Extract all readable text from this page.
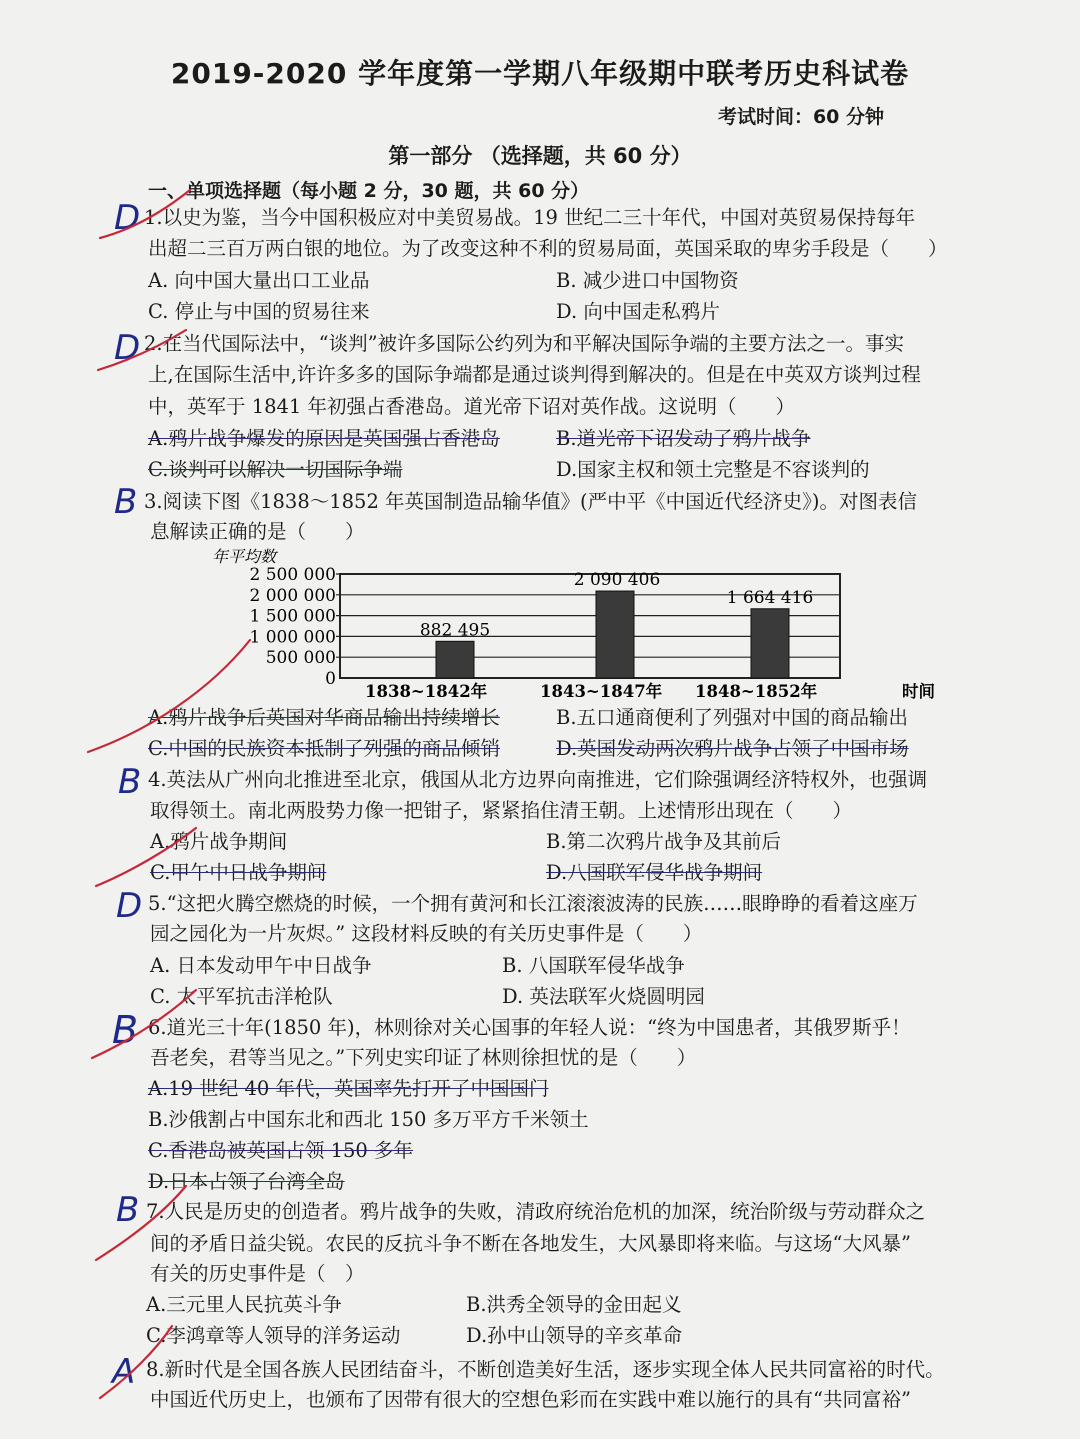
2019-2020 学年度第一学期八年级期中联考历史科试卷
考试时间：60 分钟
第一部分 （选择题，共 60 分）
一、单项选择题（每小题 2 分，30 题，共 60 分）
D 1.以史为鉴，当今中国积极应对中美贸易战。19 世纪二三十年代，中国对英贸易保持每年
出超二三百万两白银的地位。为了改变这种不利的贸易局面，英国采取的卑劣手段是（　　）
A. 向中国大量出口工业品	B. 减少进口中国物资
C. 停止与中国的贸易往来	D. 向中国走私鸦片
D 2.在当代国际法中，“谈判”被许多国际公约列为和平解决国际争端的主要方法之一。事实
上,在国际生活中,许许多多的国际争端都是通过谈判得到解决的。但是在中英双方谈判过程
中，英军于 1841 年初强占香港岛。道光帝下诏对英作战。这说明（　　）
A.鸦片战争爆发的原因是英国强占香港岛	B.道光帝下诏发动了鸦片战争
C.谈判可以解决一切国际争端	D.国家主权和领土完整是不容谈判的
B 3.阅读下图《1838～1852 年英国制造品输华值》(严中平《中国近代经济史》)。对图表信
息解读正确的是（　　）
年平均数
2 500 000
2 000 000
1 500 000
1 000 000
500 000
0
882 495
2 090 406
1 664 416
1838~1842年	1843~1847年 1848~1852年	时间
A.鸦片战争后英国对华商品输出持续增长	B.五口通商便利了列强对中国的商品输出
C.中国的民族资本抵制了列强的商品倾销	D.英国发动两次鸦片战争占领了中国市场
B 4.英法从广州向北推进至北京，俄国从北方边界向南推进，它们除强调经济特权外，也强调
取得领土。南北两股势力像一把钳子，紧紧掐住清王朝。上述情形出现在（　　）
A.鸦片战争期间	B.第二次鸦片战争及其前后
C.甲午中日战争期间	D.八国联军侵华战争期间
D 5.“这把火腾空燃烧的时候，一个拥有黄河和长江滚滚波涛的民族……眼睁睁的看着这座万
园之园化为一片灰烬。” 这段材料反映的有关历史事件是（　　）
A. 日本发动甲午中日战争	B. 八国联军侵华战争
C. 太平军抗击洋枪队	D. 英法联军火烧圆明园
B 6.道光三十年(1850 年)，林则徐对关心国事的年轻人说：“终为中国患者，其俄罗斯乎！
吾老矣，君等当见之。”下列史实印证了林则徐担忧的是（　　）
A.19 世纪 40 年代，英国率先打开了中国国门
B.沙俄割占中国东北和西北 150 多万平方千米领土
C.香港岛被英国占领 150 多年
D.日本占领了台湾全岛
B 7.人民是历史的创造者。鸦片战争的失败，清政府统治危机的加深，统治阶级与劳动群众之
间的矛盾日益尖锐。农民的反抗斗争不断在各地发生，大风暴即将来临。与这场“大风暴”
有关的历史事件是（　）
A.三元里人民抗英斗争	B.洪秀全领导的金田起义
C.李鸿章等人领导的洋务运动	D.孙中山领导的辛亥革命
A 8.新时代是全国各族人民团结奋斗，不断创造美好生活，逐步实现全体人民共同富裕的时代。
中国近代历史上，也颁布了因带有很大的空想色彩而在实践中难以施行的具有“共同富裕”
